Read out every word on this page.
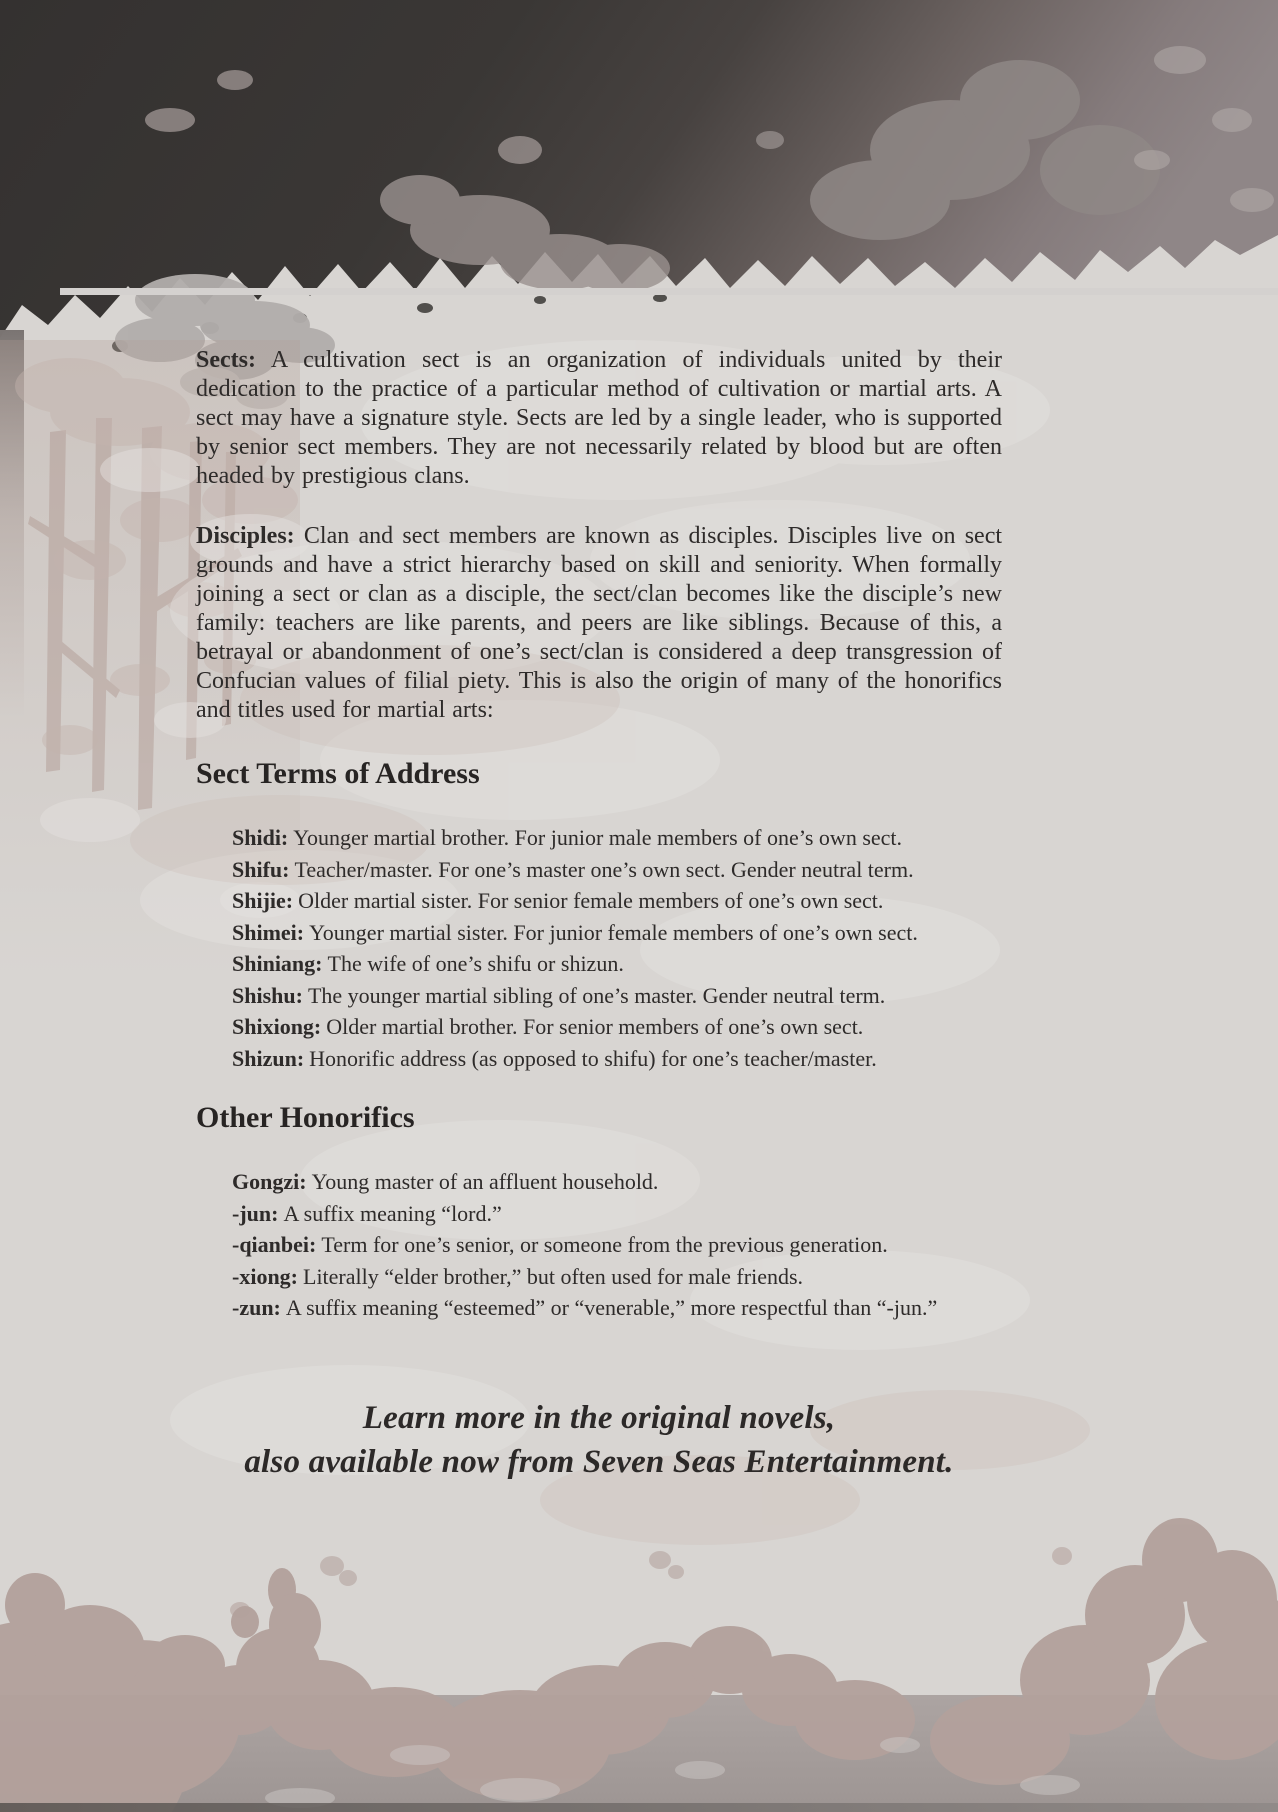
Sects: A cultivation sect is an organization of individuals united by their dedication to the practice of a particular method of cultivation or martial arts. A sect may have a signature style. Sects are led by a single leader, who is supported by senior sect members. They are not necessarily related by blood but are often headed by prestigious clans.

Disciples: Clan and sect members are known as disciples. Disciples live on sect grounds and have a strict hierarchy based on skill and seniority. When formally joining a sect or clan as a disciple, the sect/clan becomes like the disciple’s new family: teachers are like parents, and peers are like siblings. Because of this, a betrayal or abandonment of one’s sect/clan is considered a deep transgression of Confucian values of filial piety. This is also the origin of many of the honorifics and titles used for martial arts:

Sect Terms of Address
Shidi: Younger martial brother. For junior male members of one’s own sect.
Shifu: Teacher/master. For one’s master one’s own sect. Gender neutral term.
Shijie: Older martial sister. For senior female members of one’s own sect.
Shimei: Younger martial sister. For junior female members of one’s own sect.
Shiniang: The wife of one’s shifu or shizun.
Shishu: The younger martial sibling of one’s master. Gender neutral term.
Shixiong: Older martial brother. For senior members of one’s own sect.
Shizun: Honorific address (as opposed to shifu) for one’s teacher/master.
Other Honorifics
Gongzi: Young master of an affluent household.
-jun: A suffix meaning “lord.”
-qianbei: Term for one’s senior, or someone from the previous generation.
-xiong: Literally “elder brother,” but often used for male friends.
-zun: A suffix meaning “esteemed” or “venerable,” more respectful than “-jun.”
Learn more in the original novels,
also available now from Seven Seas Entertainment.
